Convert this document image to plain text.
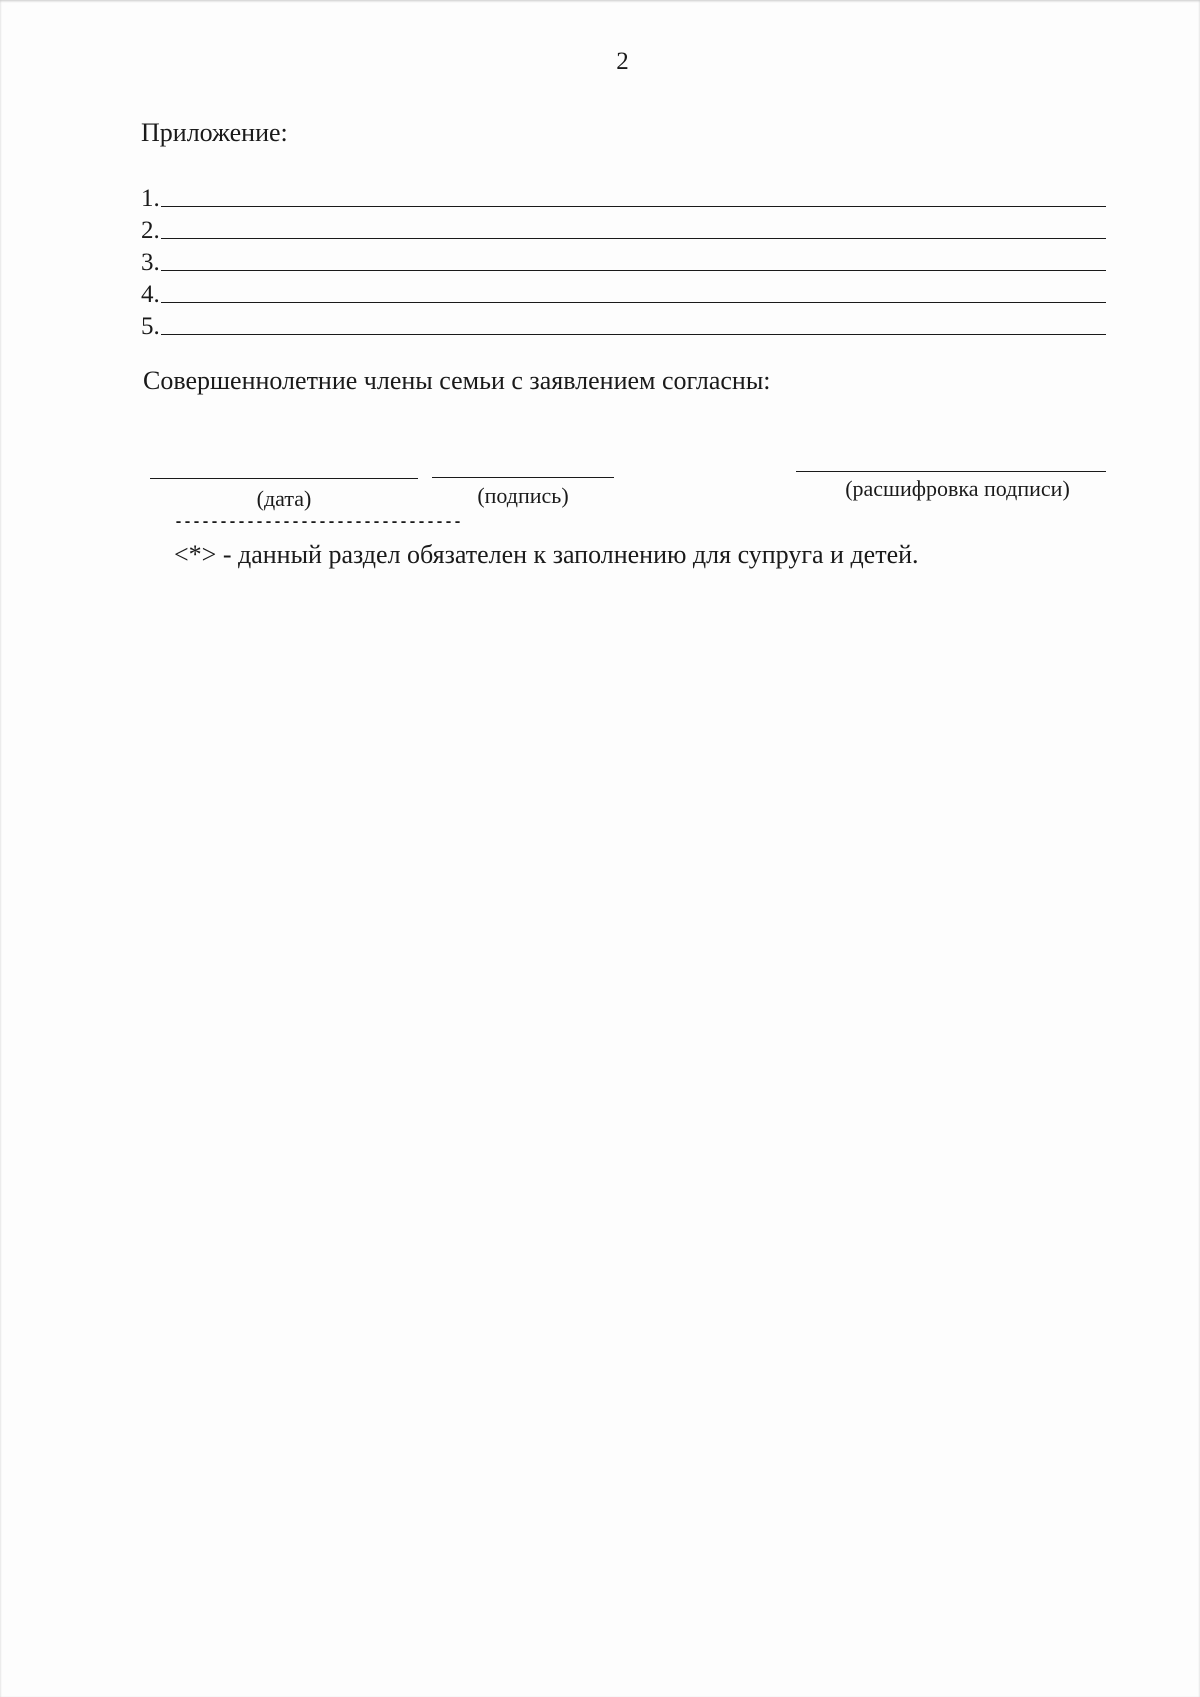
2
Приложение:
1.
2.
3.
4.
5.
Совершеннолетние члены семьи с заявлением согласны:
(дата)	(подпись)	(расшифровка подписи)
--------------------------------
<*> - данный раздел обязателен к заполнению для супруга и детей.
